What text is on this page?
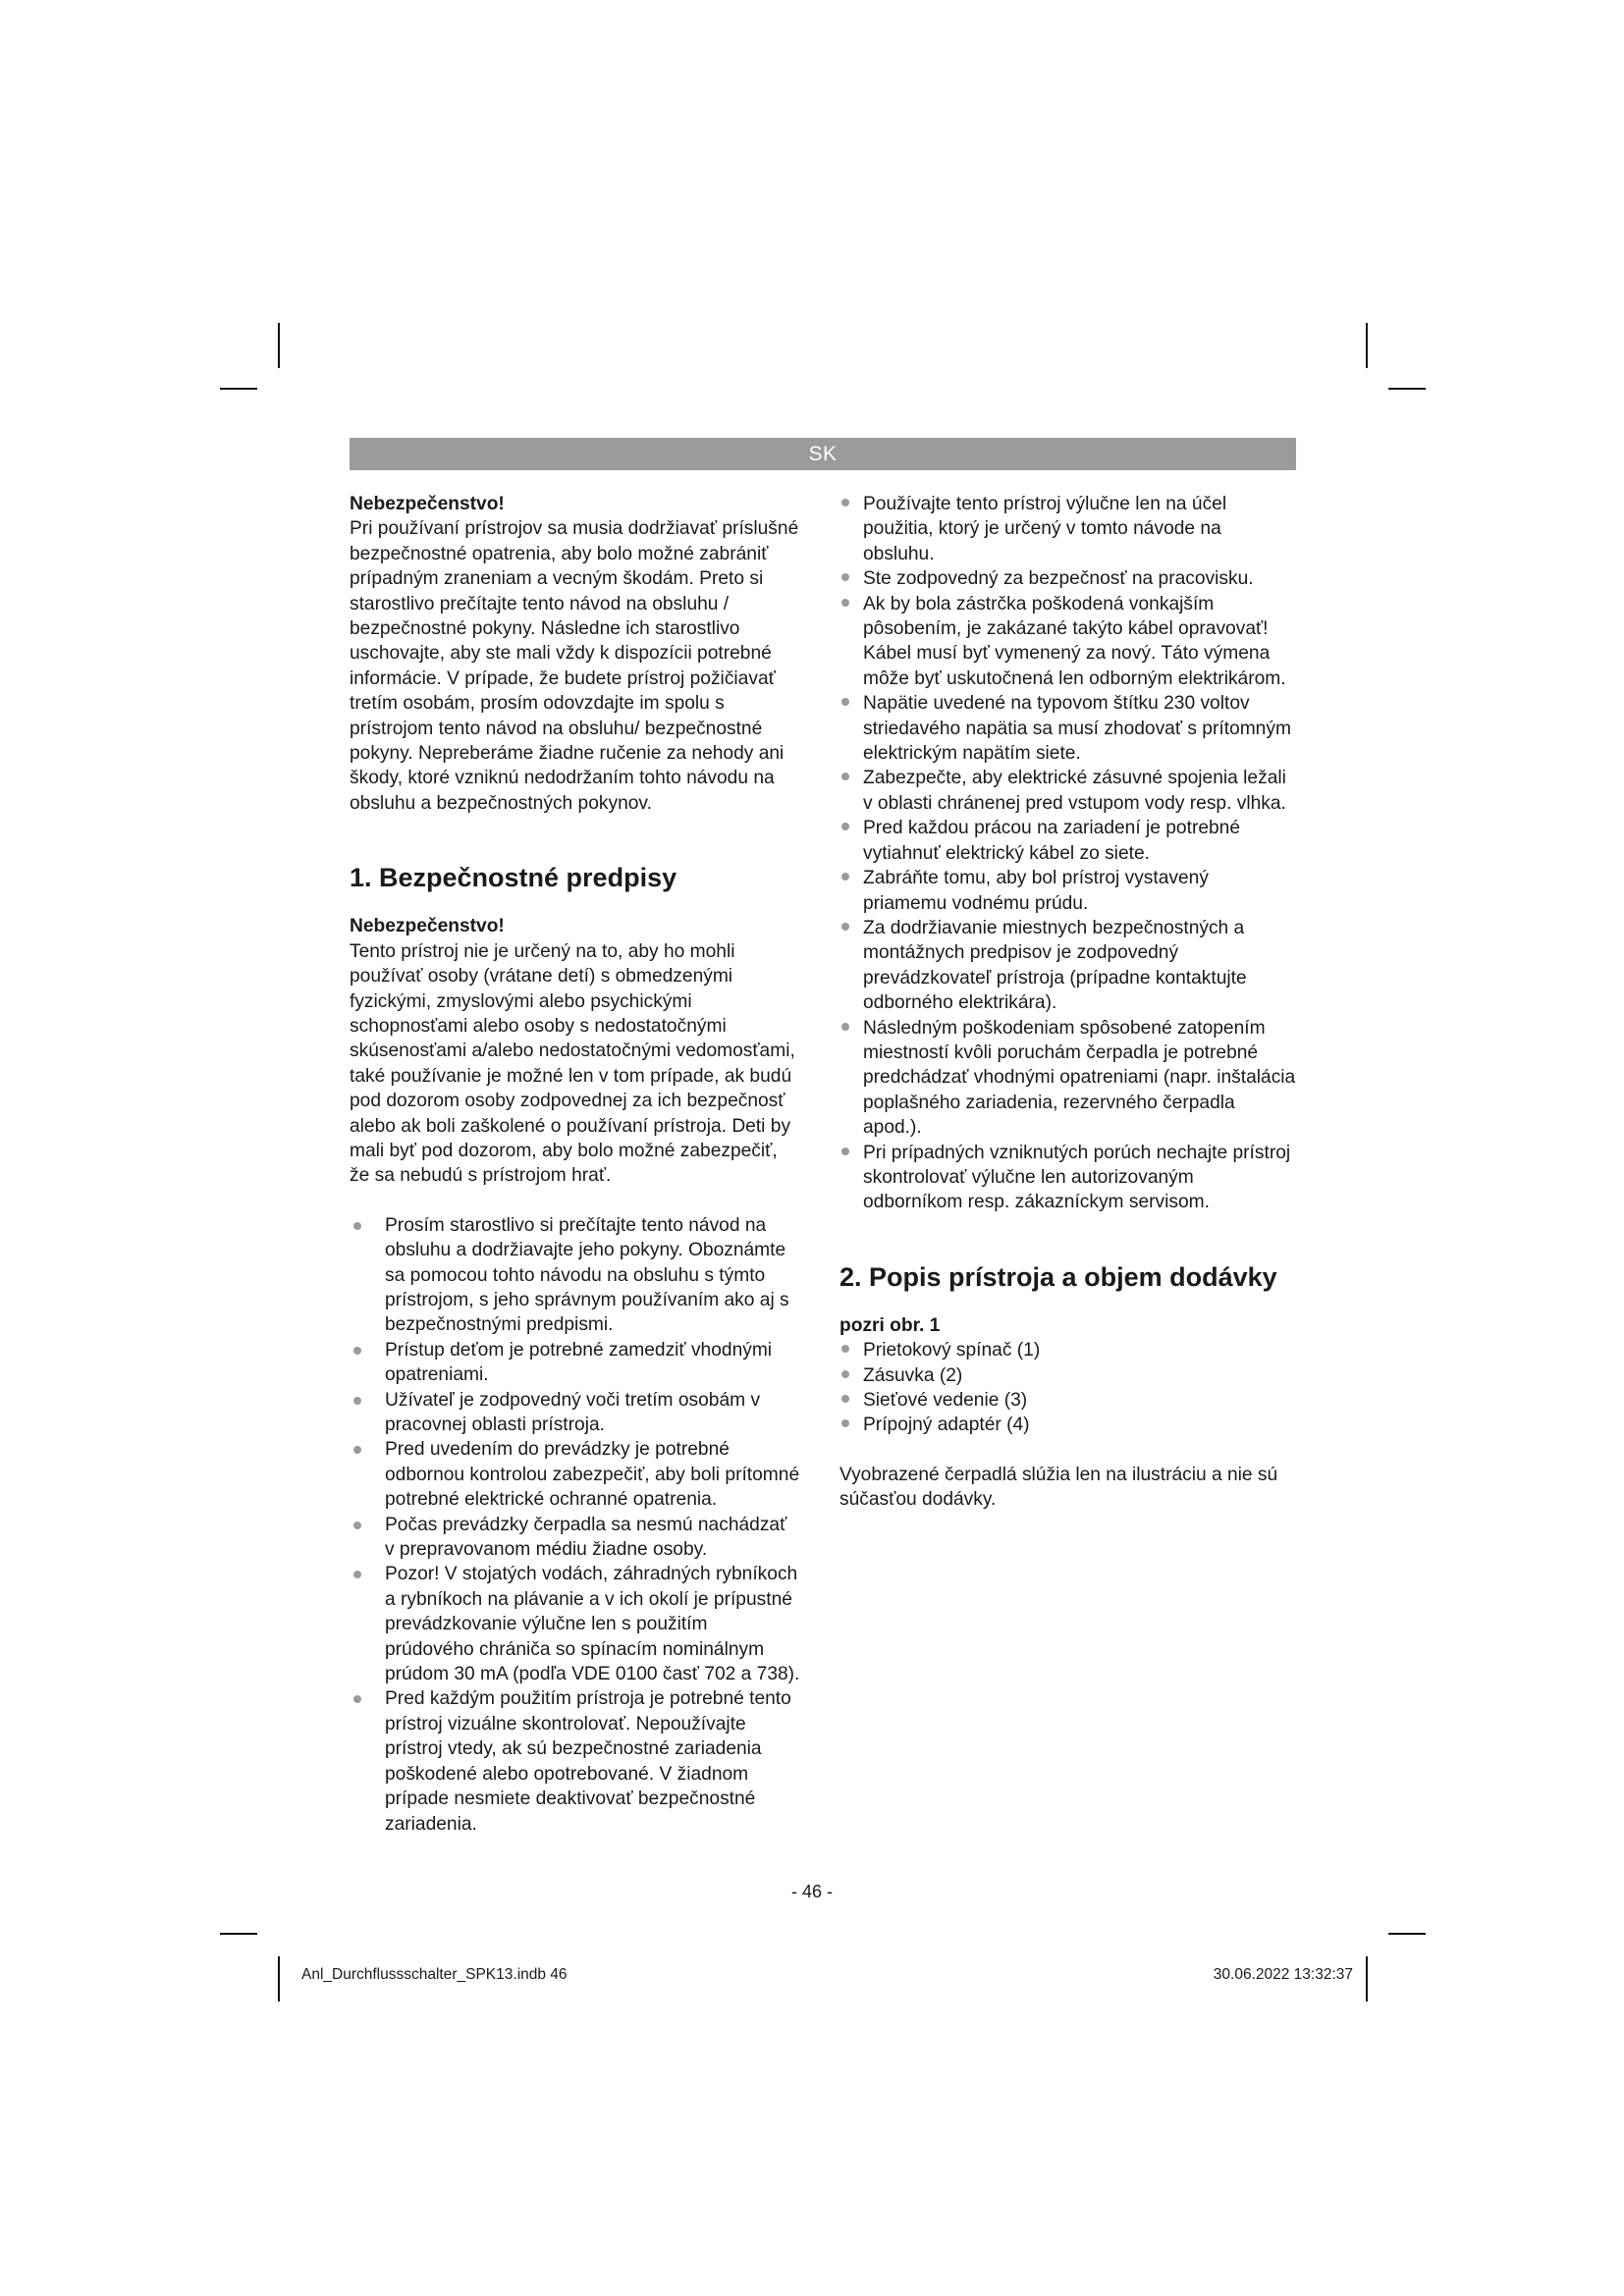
SK

Nebezpečenstvo!

Pri používaní prístrojov sa musia dodržiavať príslušné bezpečnostné opatrenia, aby bolo možné zabrániť prípadným zraneniam a vecným škodám. Preto si starostlivo prečítajte tento návod na obsluhu / bezpečnostné pokyny. Následne ich starostlivo uschovajte, aby ste mali vždy k dispozícii potrebné informácie. V prípade, že budete prístroj požičiavať tretím osobám, prosím odovzdajte im spolu s prístrojom tento návod na obsluhu/ bezpečnostné pokyny. Nepreberáme žiadne ručenie za nehody ani škody, ktoré vzniknú nedodržaním tohto návodu na obsluhu a bezpečnostných pokynov.

1. Bezpečnostné predpisy

Nebezpečenstvo!

Tento prístroj nie je určený na to, aby ho mohli používať osoby (vrátane detí) s obmedzenými fyzickými, zmyslovými alebo psychickými schopnosťami alebo osoby s nedostatočnými skúsenosťami a/alebo nedostatočnými vedomosťami, také používanie je možné len v tom prípade, ak budú pod dozorom osoby zodpovednej za ich bezpečnosť alebo ak boli zaškolené o používaní prístroja. Deti by mali byť pod dozorom, aby bolo možné zabezpečiť, že sa nebudú s prístrojom hrať.

Prosím starostlivo si prečítajte tento návod na obsluhu a dodržiavajte jeho pokyny. Oboznámte sa pomocou tohto návodu na obsluhu s týmto prístrojom, s jeho správnym používaním ako aj s bezpečnostnými predpismi.
Prístup deťom je potrebné zamedziť vhodnými opatreniami.
Užívateľ je zodpovedný voči tretím osobám v pracovnej oblasti prístroja.
Pred uvedením do prevádzky je potrebné odbornou kontrolou zabezpečiť, aby boli prítomné potrebné elektrické ochranné opatrenia.
Počas prevádzky čerpadla sa nesmú nachádzať v prepravovanom médiu žiadne osoby.
Pozor! V stojatých vodách, záhradných rybníkoch a rybníkoch na plávanie a v ich okolí je prípustné prevádzkovanie výlučne len s použitím prúdového chrániča so spínacím nominálnym prúdom 30 mA (podľa VDE 0100 časť 702 a 738).
Pred každým použitím prístroja je potrebné tento prístroj vizuálne skontrolovať. Nepoužívajte prístroj vtedy, ak sú bezpečnostné zariadenia poškodené alebo opotrebované. V žiadnom prípade nesmiete deaktivovať bezpečnostné zariadenia.
Používajte tento prístroj výlučne len na účel použitia, ktorý je určený v tomto návode na obsluhu.
Ste zodpovedný za bezpečnosť na pracovisku.
Ak by bola zástrčka poškodená vonkajším pôsobením, je zakázané takýto kábel opravovať! Kábel musí byť vymenený za nový. Táto výmena môže byť uskutočnená len odborným elektrikárom.
Napätie uvedené na typovom štítku 230 voltov striedavého napätia sa musí zhodovať s prítomným elektrickým napätím siete.
Zabezpečte, aby elektrické zásuvné spojenia ležali v oblasti chránenej pred vstupom vody resp. vlhka.
Pred každou prácou na zariadení je potrebné vytiahnuť elektrický kábel zo siete.
Zabráňte tomu, aby bol prístroj vystavený priamemu vodnému prúdu.
Za dodržiavanie miestnych bezpečnostných a montážnych predpisov je zodpovedný prevádzkovateľ prístroja (prípadne kontaktujte odborného elektrikára).
Následným poškodeniam spôsobené zatopením miestností kvôli poruchám čerpadla je potrebné predchádzať vhodnými opatreniami (napr. inštalácia poplašného zariadenia, rezervného čerpadla apod.).
Pri prípadných vzniknutých porúch nechajte prístroj skontrolovať výlučne len autorizovaným odborníkom resp. zákazníckym servisom.
2. Popis prístroja a objem dodávky

pozri obr. 1

Prietokový spínač (1)
Zásuvka (2)
Sieťové vedenie (3)
Prípojný adaptér (4)

Vyobrazené čerpadlá slúžia len na ilustráciu a nie sú súčasťou dodávky.

- 46 -
Anl_Durchflussschalter_SPK13.indb 46	30.06.2022 13:32:37
